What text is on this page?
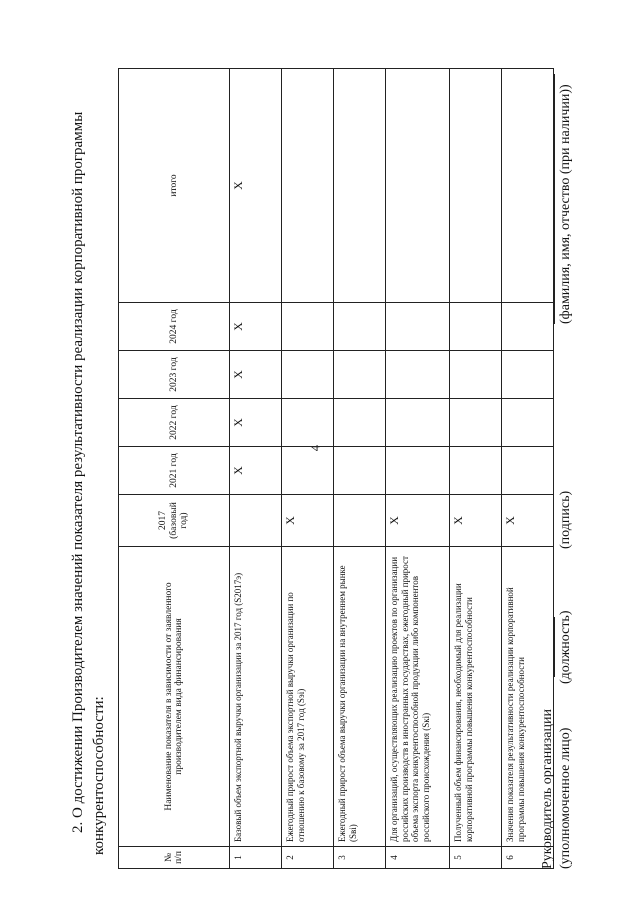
4
2. О достижении Производителем значений показателя результативности реализации корпоративной программы конкурентоспособности:
№ п/п	Наименование показателя в зависимости от заявленного производителем вида финансирования	2017 (базовый год)	2021 год	2022 год	2023 год	2024 год	итого
1	Базовый объем экспортной выручки организации за 2017 год (S2017э)		X	X	X	X	X
2	Ежегодный прирост объема экспортной выручки организации по отношению к базовому за 2017 год (Sэi)	X					
3	Ежегодный прирост объема выручки организации на внутреннем рынке (Sвi)						
4	Для организаций, осуществляющих реализацию проектов по организации российских производств в иностранных государствах, ежегодный прирост объема экспорта конкурентоспособной продукции либо компонентов российского происхождения (Sкi)	X					
5	Полученный объем финансирования, необходимый для реализации корпоративной программы повышения конкурентоспособности	X					
6	Значения показателя результативности реализации корпоративной программы повышения конкурентоспособности	X					
Руководитель организации (уполномоченное лицо)
(должность)
(подпись)
(фамилия, имя, отчество (при наличии))
